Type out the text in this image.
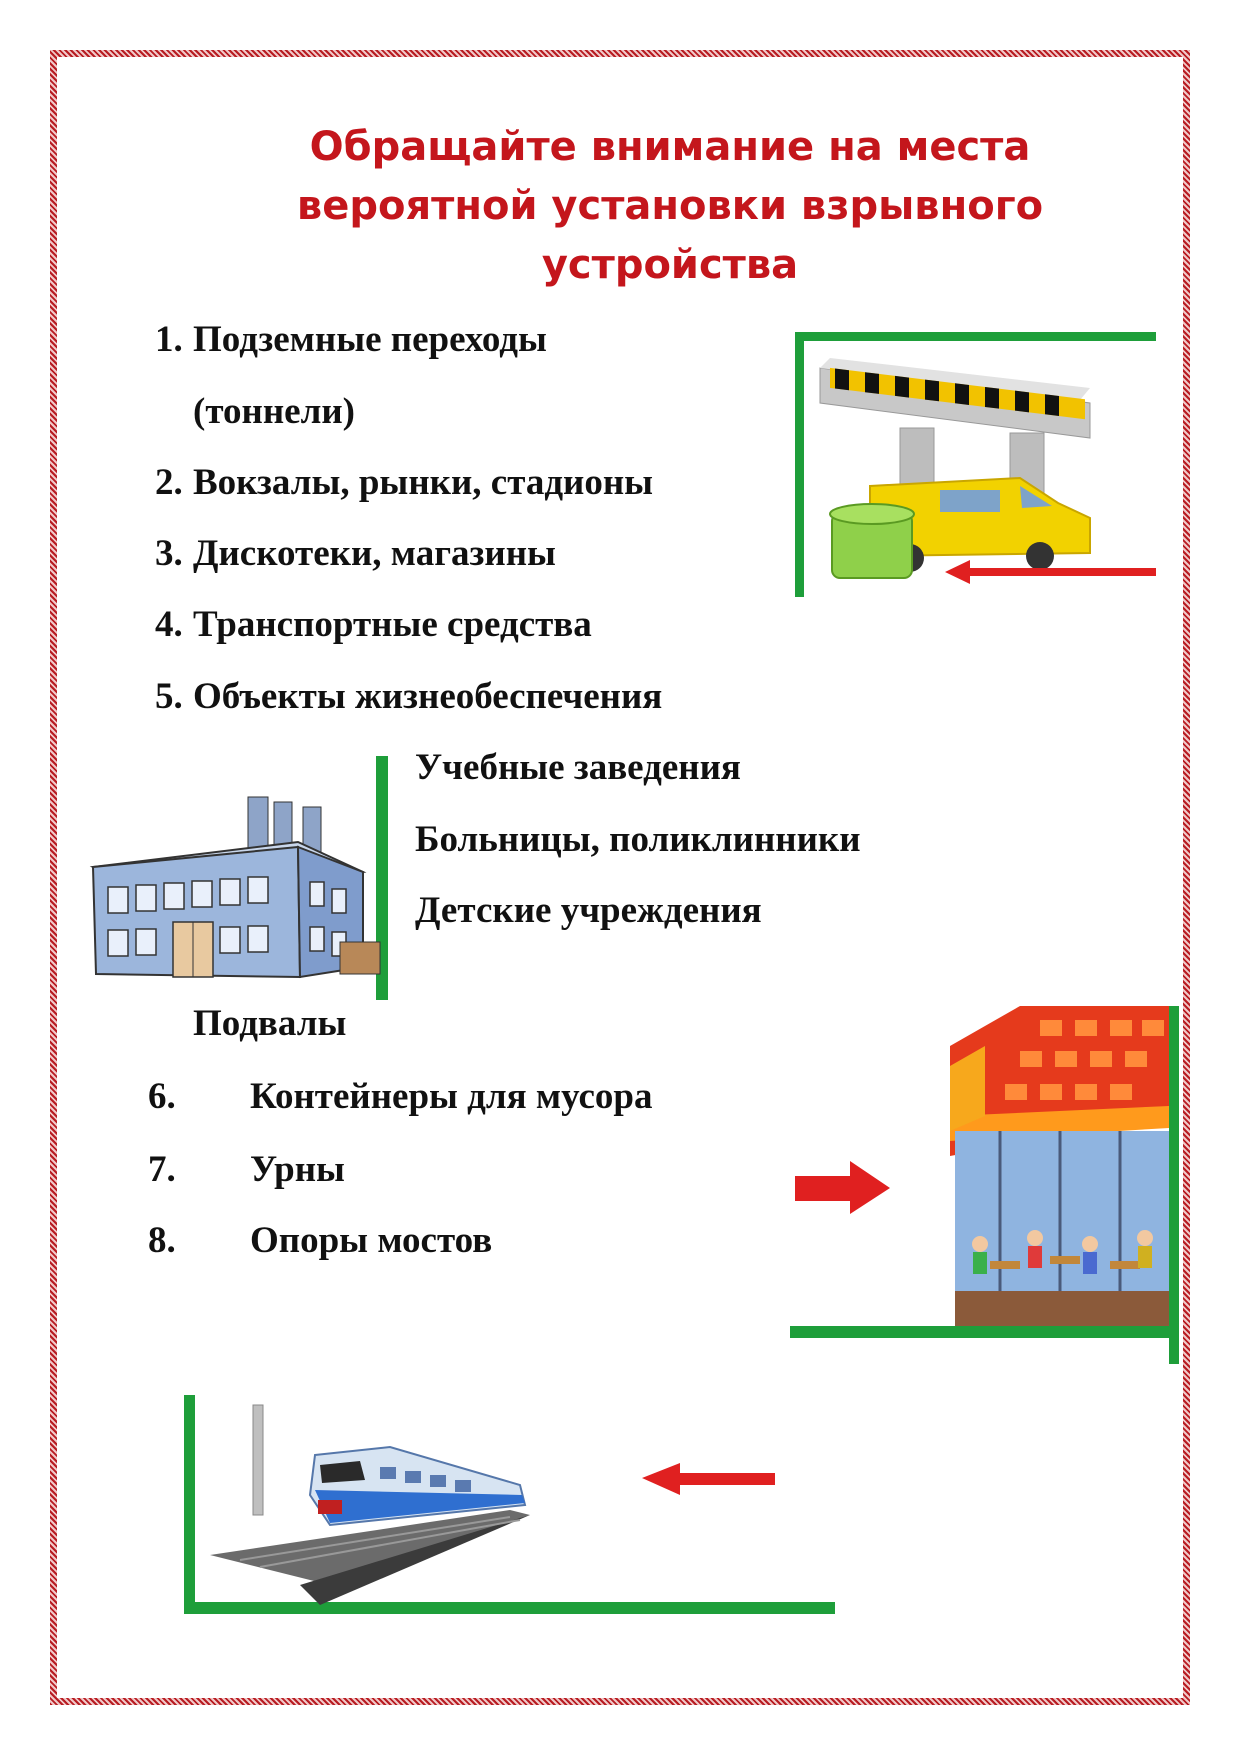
Обращайте внимание на места
вероятной установки взрывного
устройства
1. Подземные переходы
(тоннели)
2. Вокзалы, рынки, стадионы
3. Дискотеки, магазины
4. Транспортные средства
5. Объекты жизнеобеспечения
Учебные заведения
Больницы, поликлинники
Детские учреждения
Подвалы
6. Контейнеры для мусора
7. Урны
8. Опоры мостов
